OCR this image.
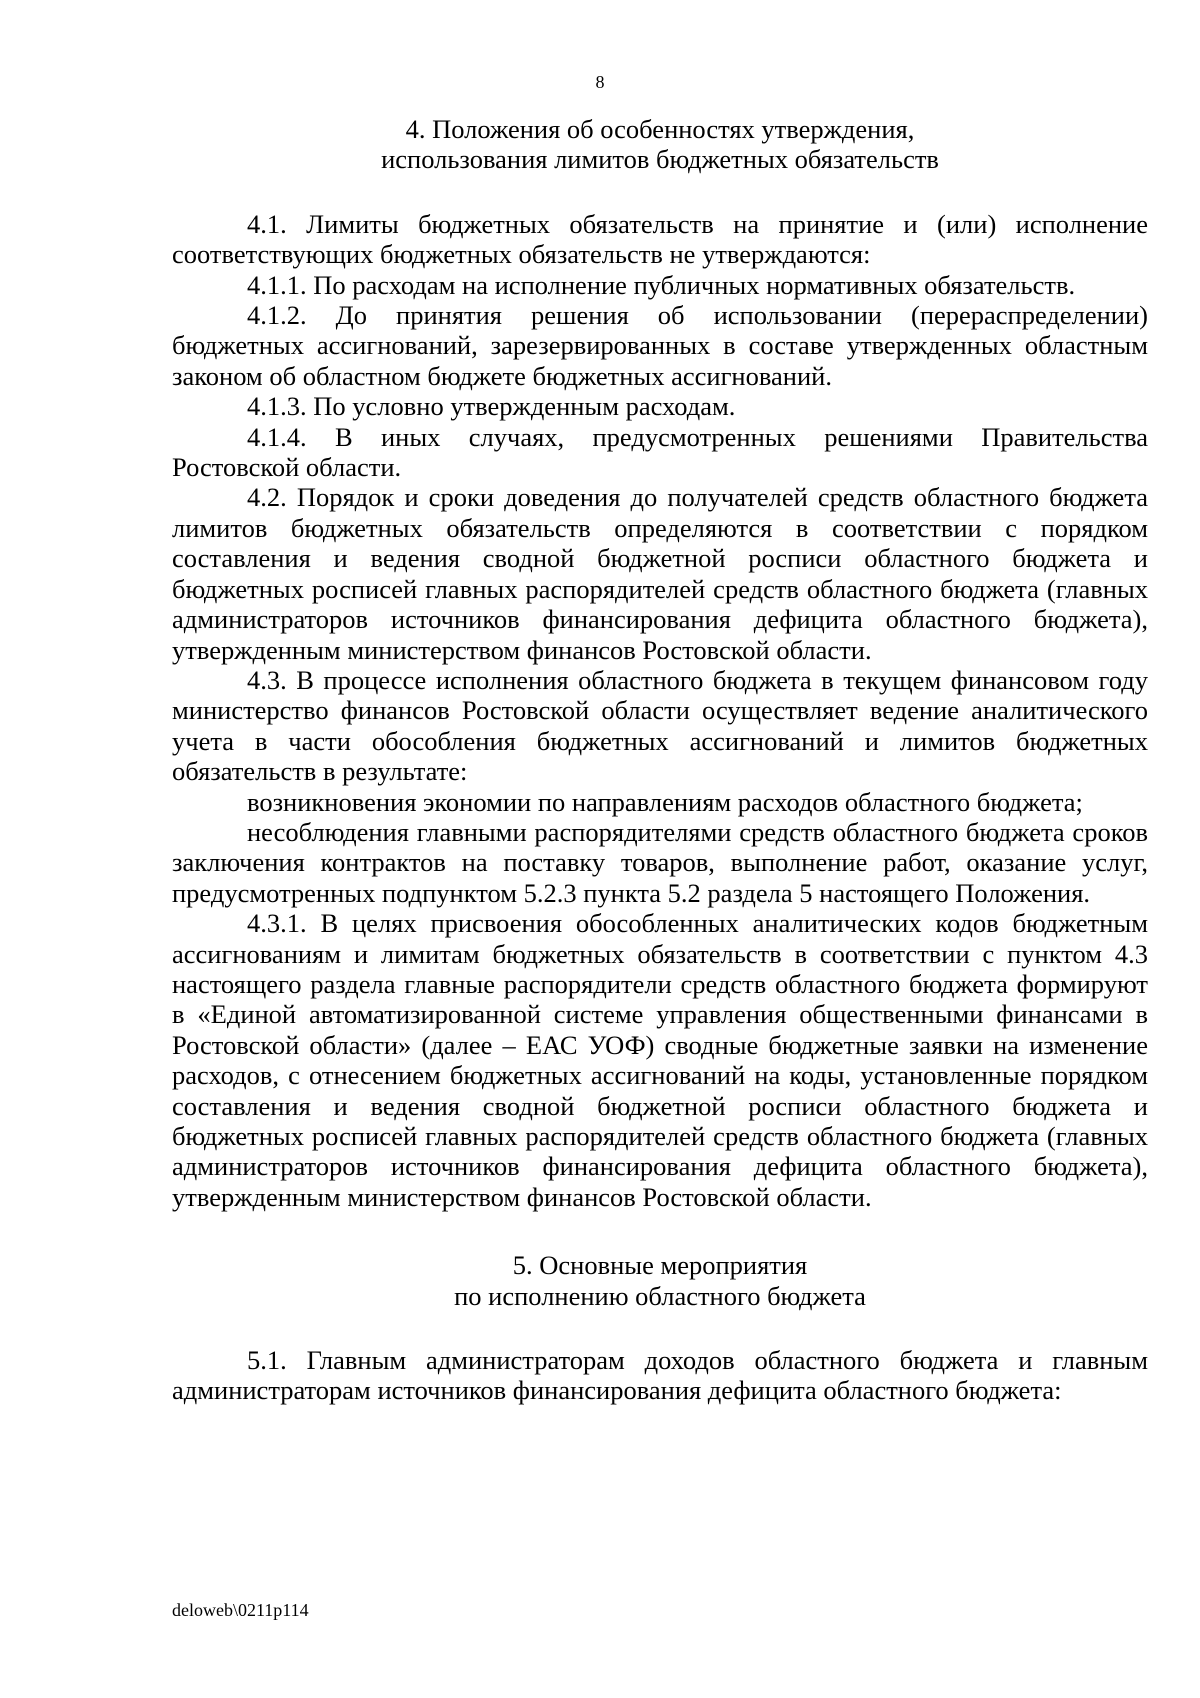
8
4. Положения об особенностях утверждения,
использования лимитов бюджетных обязательств

4.1. Лимиты бюджетных обязательств на принятие и (или) исполнение соответствующих бюджетных обязательств не утверждаются:

4.1.1. По расходам на исполнение публичных нормативных обязательств.

4.1.2. До принятия решения об использовании (перераспределении) бюджетных ассигнований, зарезервированных в составе утвержденных областным законом об областном бюджете бюджетных ассигнований.

4.1.3. По условно утвержденным расходам.

4.1.4. В иных случаях, предусмотренных решениями Правительства Ростовской области.

4.2. Порядок и сроки доведения до получателей средств областного бюджета лимитов бюджетных обязательств определяются в соответствии с порядком составления и ведения сводной бюджетной росписи областного бюджета и бюджетных росписей главных распорядителей средств областного бюджета (главных администраторов источников финансирования дефицита областного бюджета), утвержденным министерством финансов Ростовской области.

4.3. В процессе исполнения областного бюджета в текущем финансовом году министерство финансов Ростовской области осуществляет ведение аналитического учета в части обособления бюджетных ассигнований и лимитов бюджетных обязательств в результате:

возникновения экономии по направлениям расходов областного бюджета;

несоблюдения главными распорядителями средств областного бюджета сроков заключения контрактов на поставку товаров, выполнение работ, оказание услуг, предусмотренных подпунктом 5.2.3 пункта 5.2 раздела 5 настоящего Положения.

4.3.1. В целях присвоения обособленных аналитических кодов бюджетным ассигнованиям и лимитам бюджетных обязательств в соответствии с пунктом 4.3 настоящего раздела главные распорядители средств областного бюджета формируют в «Единой автоматизированной системе управления общественными финансами в Ростовской области» (далее – ЕАС УОФ) сводные бюджетные заявки на изменение расходов, с отнесением бюджетных ассигнований на коды, установленные порядком составления и ведения сводной бюджетной росписи областного бюджета и бюджетных росписей главных распорядителей средств областного бюджета (главных администраторов источников финансирования дефицита областного бюджета), утвержденным министерством финансов Ростовской области.

5. Основные мероприятия
по исполнению областного бюджета

5.1. Главным администраторам доходов областного бюджета и главным администраторам источников финансирования дефицита областного бюджета:

deloweb\0211p114
